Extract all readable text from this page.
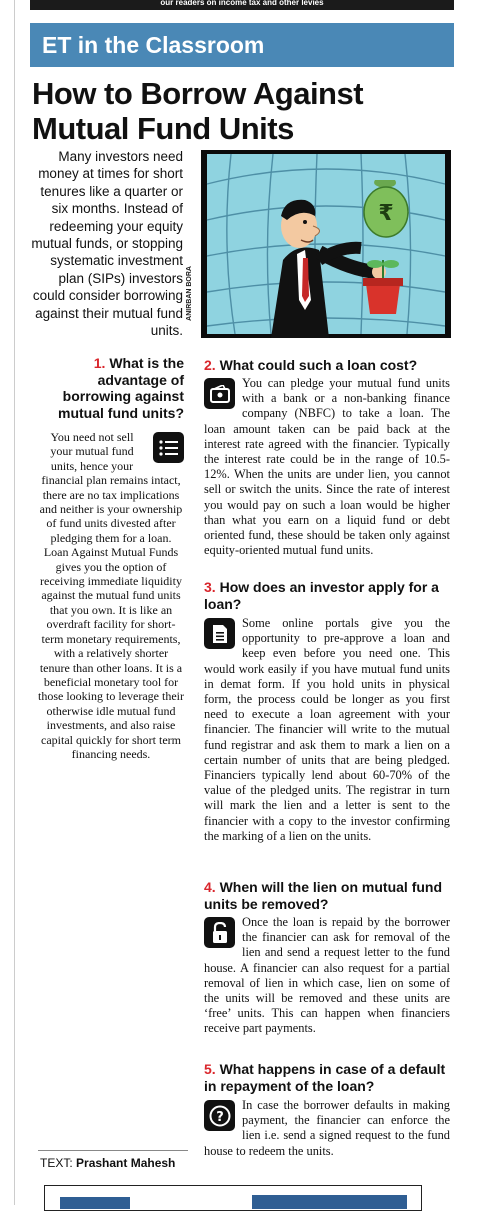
our readers on income tax and other levies
ET in the Classroom
How to Borrow Against Mutual Fund Units

Many investors need money at times for short tenures like a quarter or six months. Instead of redeeming your equity mutual funds, or stopping systematic investment plan (SIPs) investors could consider borrowing against their mutual fund units.

₹
ANIRBAN BORA

1. What is the advantage of borrowing against mutual fund units?

You need not sell your mutual fund units, hence your financial plan remains intact, there are no tax implications and neither is your ownership of fund units divested after pledging them for a loan. Loan Against Mutual Funds gives you the option of receiving immediate liquidity against the mutual fund units that you own. It is like an overdraft facility for short-term monetary requirements, with a relatively shorter tenure than other loans. It is a beneficial monetary tool for those looking to leverage their otherwise idle mutual fund investments, and also raise capital quickly for short term financing needs.

2. What could such a loan cost?

You can pledge your mutual fund units with a bank or a non-banking finance company (NBFC) to take a loan. The loan amount taken can be paid back at the interest rate agreed with the financier. Typically the interest rate could be in the range of 10.5-12%. When the units are under lien, you cannot sell or switch the units. Since the rate of interest you would pay on such a loan would be higher than what you earn on a liquid fund or debt oriented fund, these should be taken only against equity-oriented mutual fund units.

3. How does an investor apply for a loan?

Some online portals give you the opportunity to pre-approve a loan and keep even before you need one. This would work easily if you have mutual fund units in demat form. If you hold units in physical form, the process could be longer as you first need to execute a loan agreement with your financier. The financier will write to the mutual fund registrar and ask them to mark a lien on a certain number of units that are being pledged. Financiers typically lend about 60-70% of the value of the pledged units. The registrar in turn will mark the lien and a letter is sent to the financier with a copy to the investor confirming the marking of a lien on the units.

4. When will the lien on mutual fund units be removed?

Once the loan is repaid by the borrower the financier can ask for removal of the lien and send a request letter to the fund house. A financier can also request for a partial removal of lien in which case, lien on some of the units will be removed and these units are ‘free’ units. This can happen when financiers receive part payments.

5. What happens in case of a default in repayment of the loan?

?
In case the borrower defaults in making payment, the financier can enforce the lien i.e. send a signed request to the fund house to redeem the units.
TEXT: Prashant Mahesh
